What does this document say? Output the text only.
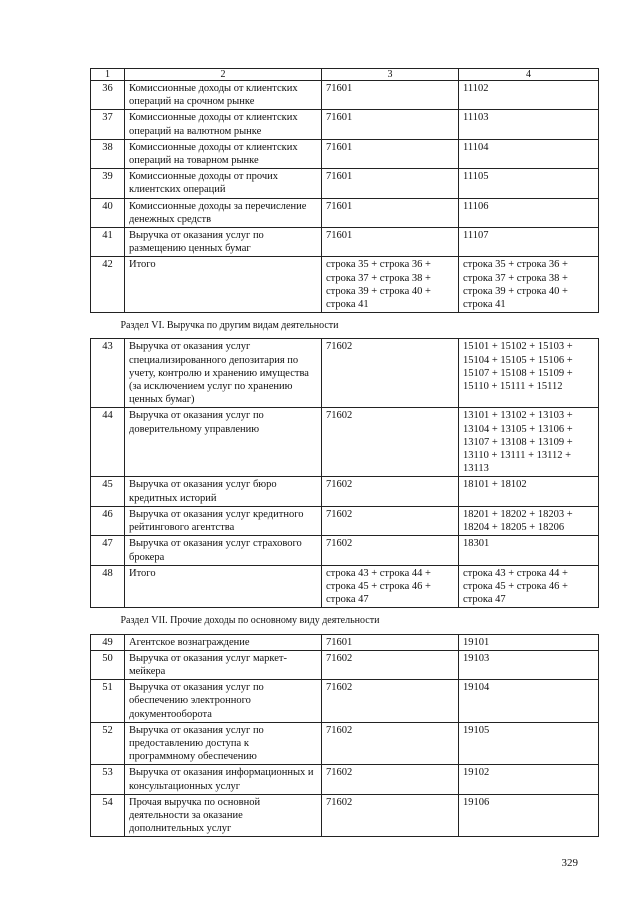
1	2	3	4
36	Комиссионные доходы от клиентских операций на срочном рынке	71601	11102
37	Комиссионные доходы от клиентских операций на валютном рынке	71601	11103
38	Комиссионные доходы от клиентских операций на товарном рынке	71601	11104
39	Комиссионные доходы от прочих клиентских операций	71601	11105
40	Комиссионные доходы за перечисление денежных средств	71601	11106
41	Выручка от оказания услуг по размещению ценных бумаг	71601	11107
42	Итого	строка 35 + строка 36 + строка 37 + строка 38 + строка 39 + строка 40 + строка 41	строка 35 + строка 36 + строка 37 + строка 38 + строка 39 + строка 40 + строка 41
Раздел VI. Выручка по другим видам деятельности			
43	Выручка от оказания услуг специализированного депозитария по учету, контролю и хранению имущества (за исключением услуг по хранению ценных бумаг)	71602	15101 + 15102 + 15103 + 15104 + 15105 + 15106 + 15107 + 15108 + 15109 + 15110 + 15111 + 15112
44	Выручка от оказания услуг по доверительному управлению	71602	13101 + 13102 + 13103 + 13104 + 13105 + 13106 + 13107 + 13108 + 13109 + 13110 + 13111 + 13112 + 13113
45	Выручка от оказания услуг бюро кредитных историй	71602	18101 + 18102
46	Выручка от оказания услуг кредитного рейтингового агентства	71602	18201 + 18202 + 18203 + 18204 + 18205 + 18206
47	Выручка от оказания услуг страхового брокера	71602	18301
48	Итого	строка 43 + строка 44 + строка 45 + строка 46 + строка 47	строка 43 + строка 44 + строка 45 + строка 46 + строка 47
Раздел VII. Прочие доходы по основному виду деятельности			
49	Агентское вознаграждение	71601	19101
50	Выручка от оказания услуг маркет-мейкера	71602	19103
51	Выручка от оказания услуг по обеспечению электронного документооборота	71602	19104
52	Выручка от оказания услуг по предоставлению доступа к программному обеспечению	71602	19105
53	Выручка от оказания информационных и консультационных услуг	71602	19102
54	Прочая выручка по основной деятельности за оказание дополнительных услуг	71602	19106
329
